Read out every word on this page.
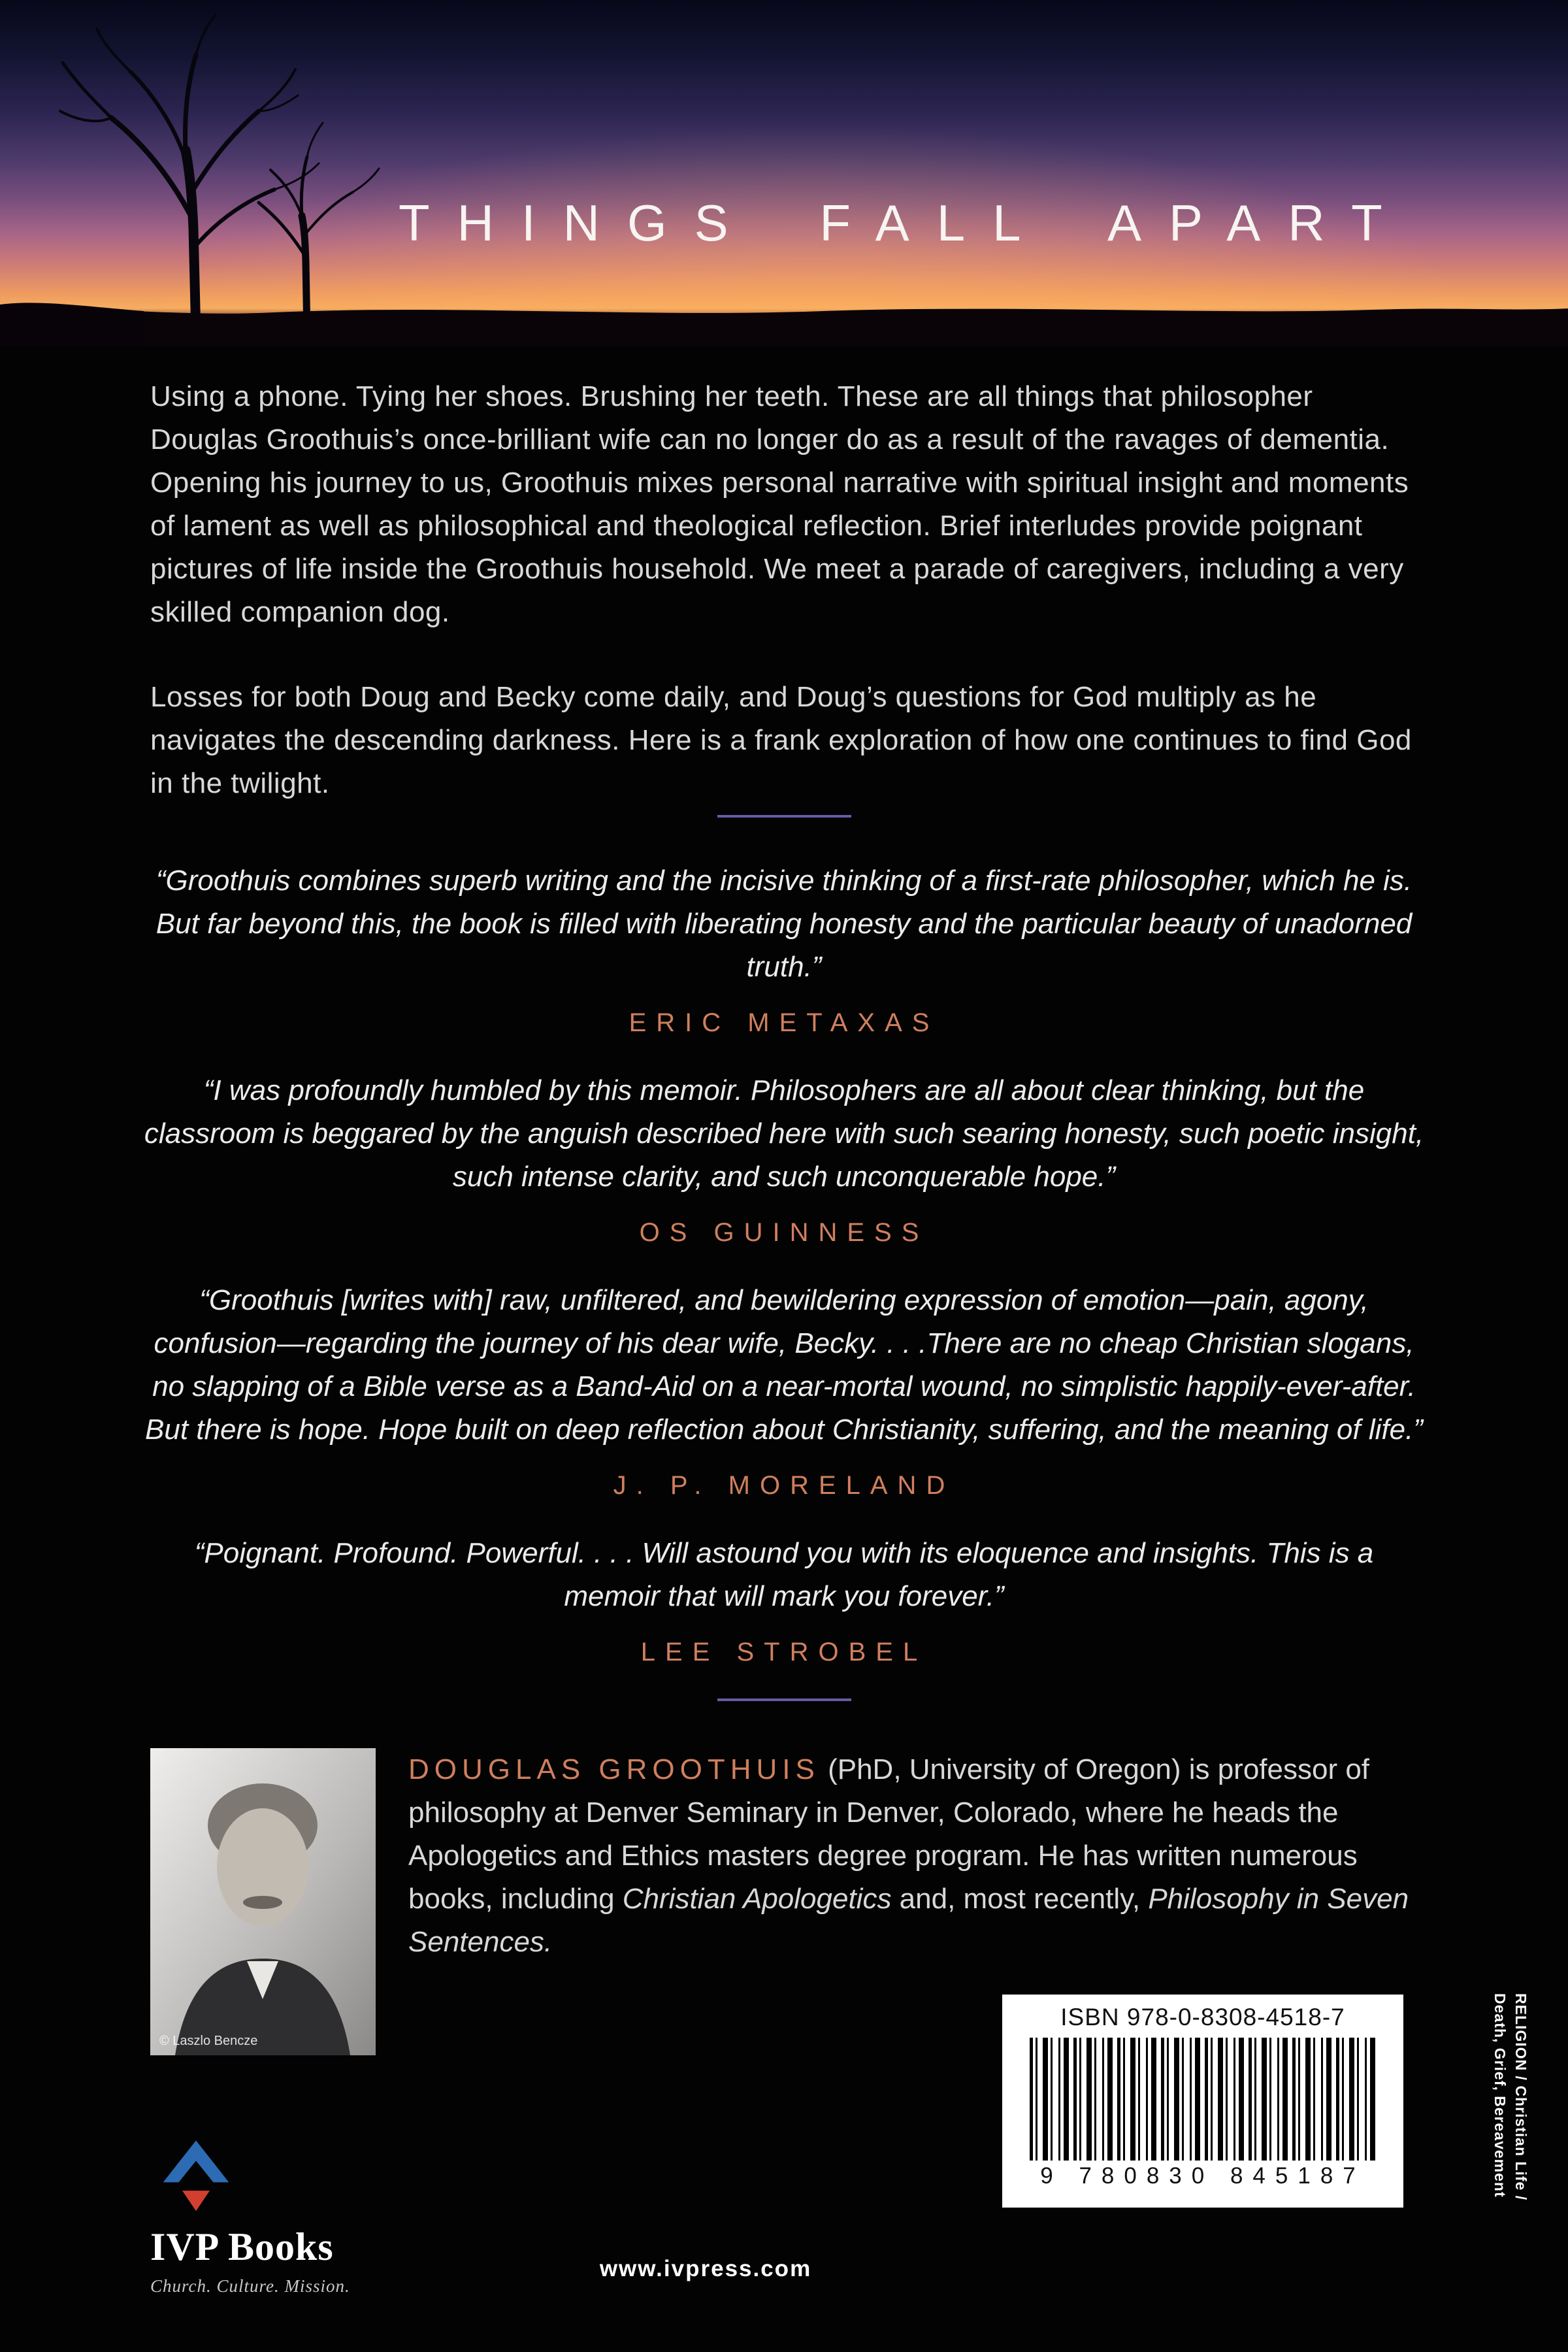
THINGS FALL APART

Using a phone. Tying her shoes. Brushing her teeth. These are all things that philosopher Douglas Groothuis’s once-brilliant wife can no longer do as a result of the ravages of dementia. Opening his journey to us, Groothuis mixes personal narrative with spiritual insight and moments of lament as well as philosophical and theological reflection. Brief interludes provide poignant pictures of life inside the Groothuis household. We meet a parade of caregivers, including a very skilled companion dog.

Losses for both Doug and Becky come daily, and Doug’s questions for God multiply as he navigates the descending darkness. Here is a frank exploration of how one continues to find God in the twilight.

“Groothuis combines superb writing and the incisive thinking of a first-rate philosopher, which he is. But far beyond this, the book is filled with liberating honesty and the particular beauty of unadorned truth.”
ERIC METAXAS
“I was profoundly humbled by this memoir. Philosophers are all about clear thinking, but the classroom is beggared by the anguish described here with such searing honesty, such poetic insight, such intense clarity, and such unconquerable hope.”
OS GUINNESS
“Groothuis [writes with] raw, unfiltered, and bewildering expression of emotion—pain, agony, confusion—regarding the journey of his dear wife, Becky. . . .There are no cheap Christian slogans, no slapping of a Bible verse as a Band-Aid on a near-mortal wound, no simplistic happily-ever-after. But there is hope. Hope built on deep reflection about Christianity, suffering, and the meaning of life.”
J. P. MORELAND
“Poignant. Profound. Powerful. . . . Will astound you with its eloquence and insights. This is a memoir that will mark you forever.”
LEE STROBEL
© Laszlo Bencze
DOUGLAS GROOTHUIS (PhD, University of Oregon) is professor of philosophy at Denver Seminary in Denver, Colorado, where he heads the Apologetics and Ethics masters degree program. He has written numerous books, including Christian Apologetics and, most recently, Philosophy in Seven Sentences.
IVP Books
Church. Culture. Mission.
www.ivpress.com
ISBN 978-0-8308-4518-7
9 780830 845187	RELIGION / Christian Life /
Death, Grief, Bereavement
